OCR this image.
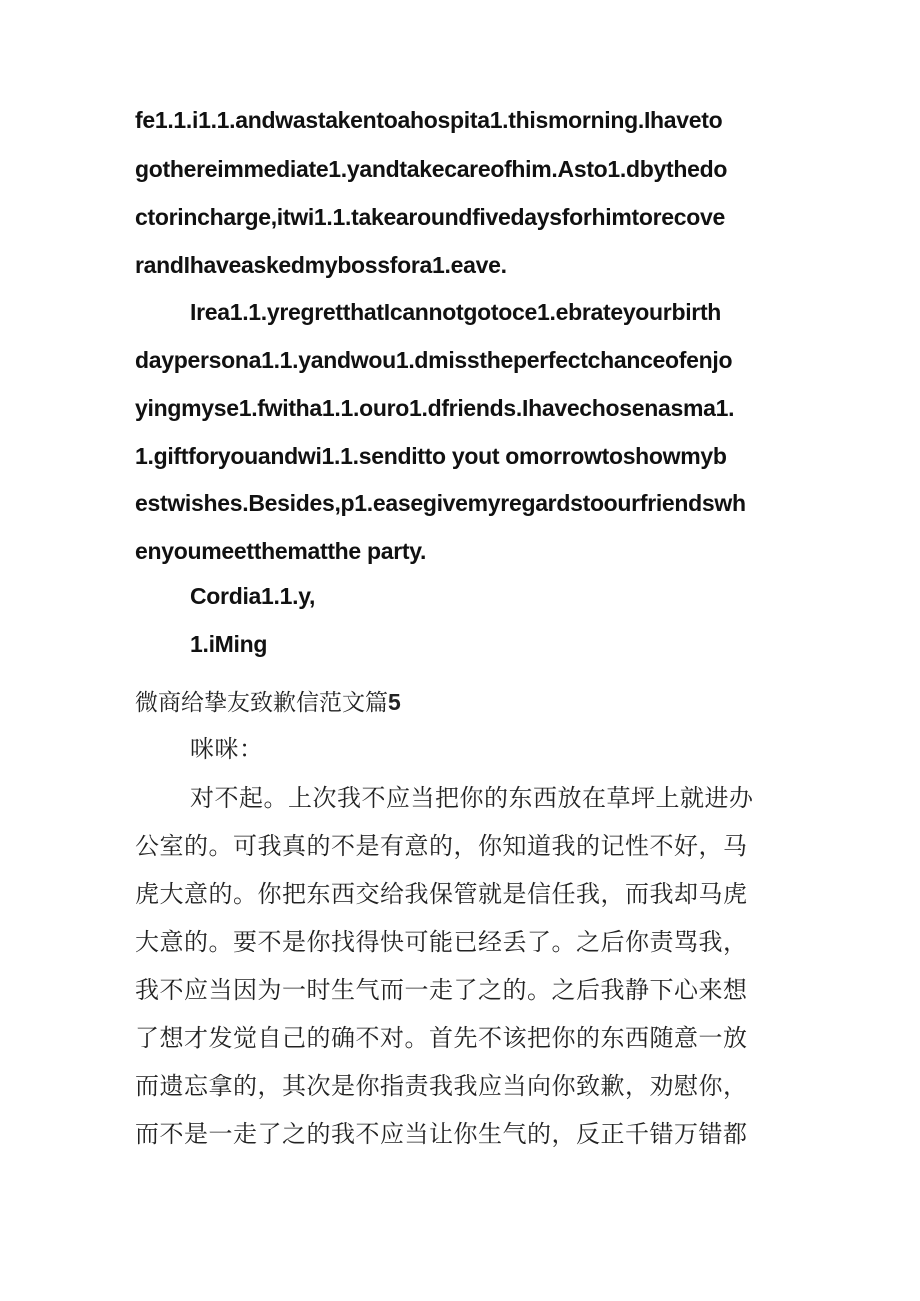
fe1.1.i1.1.andwastakentoahospita1.thismorning.Ihaveto
gothereimmediate1.yandtakecareofhim.Asto1.dbythedo
ctorincharge,itwi1.1.takearoundfivedaysforhimtorecove
randIhaveaskedmybossfora1.eave.
Irea1.1.yregretthatIcannotgotoce1.ebrateyourbirth
daypersona1.1.yandwou1.dmisstheperfectchanceofenjo
yingmyse1.fwitha1.1.ouro1.dfriends.Ihavechosenasma1.
1.giftforyouandwi1.1.senditto yout omorrowtoshowmyb
estwishes.Besides,p1.easegivemyregardstoourfriendswh
enyoumeetthematthe party.
Cordia1.1.y,
1.iMing
微商给挚友致歉信范文篇5
咪咪：
对不起。上次我不应当把你的东西放在草坪上就进办
公室的。可我真的不是有意的，你知道我的记性不好，马
虎大意的。你把东西交给我保管就是信任我，而我却马虎
大意的。要不是你找得快可能已经丢了。之后你责骂我，
我不应当因为一时生气而一走了之的。之后我静下心来想
了想才发觉自己的确不对。首先不该把你的东西随意一放
而遗忘拿的，其次是你指责我我应当向你致歉，劝慰你，
而不是一走了之的我不应当让你生气的，反正千错万错都
